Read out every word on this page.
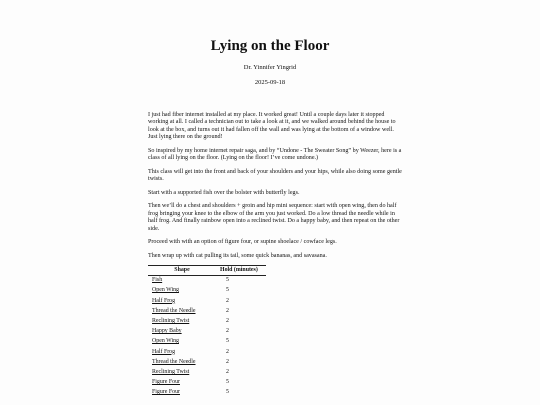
Lying on the Floor
Dr. Yinnifer Yingrid
2025-09-18

I just had fiber internet installed at my place. It worked great! Until a couple days later it stopped working at all. I called a technician out to take a look at it, and we walked around behind the house to look at the box, and turns out it had fallen off the wall and was lying at the bottom of a window well. Just lying there on the ground!

So inspired by my home internet repair saga, and by “Undone - The Sweater Song” by Weezer, here is a class of all lying on the floor. (Lying on the floor! I’ve come undone.)

This class will get into the front and back of your shoulders and your hips, while also doing some gentle twists.

Start with a supported fish over the bolster with butterfly legs.

Then we’ll do a chest and shoulders + groin and hip mini sequence: start with open wing, then do half frog bringing your knee to the elbow of the arm you just worked. Do a low thread the needle while in half frog. And finally rainbow open into a reclined twist. Do a happy baby, and then repeat on the other side.

Proceed with with an option of figure four, or supine shoelace / cowface legs.

Then wrap up with cat pulling its tail, some quick bananas, and savasana.

Shape	Hold (minutes)
Fish	5
Open Wing	5
Half Frog	2
Thread the Needle	2
Reclining Twist	2
Happy Baby	2
Open Wing	5
Half Frog	2
Thread the Needle	2
Reclining Twist	2
Figure Four	5
Figure Four	5
